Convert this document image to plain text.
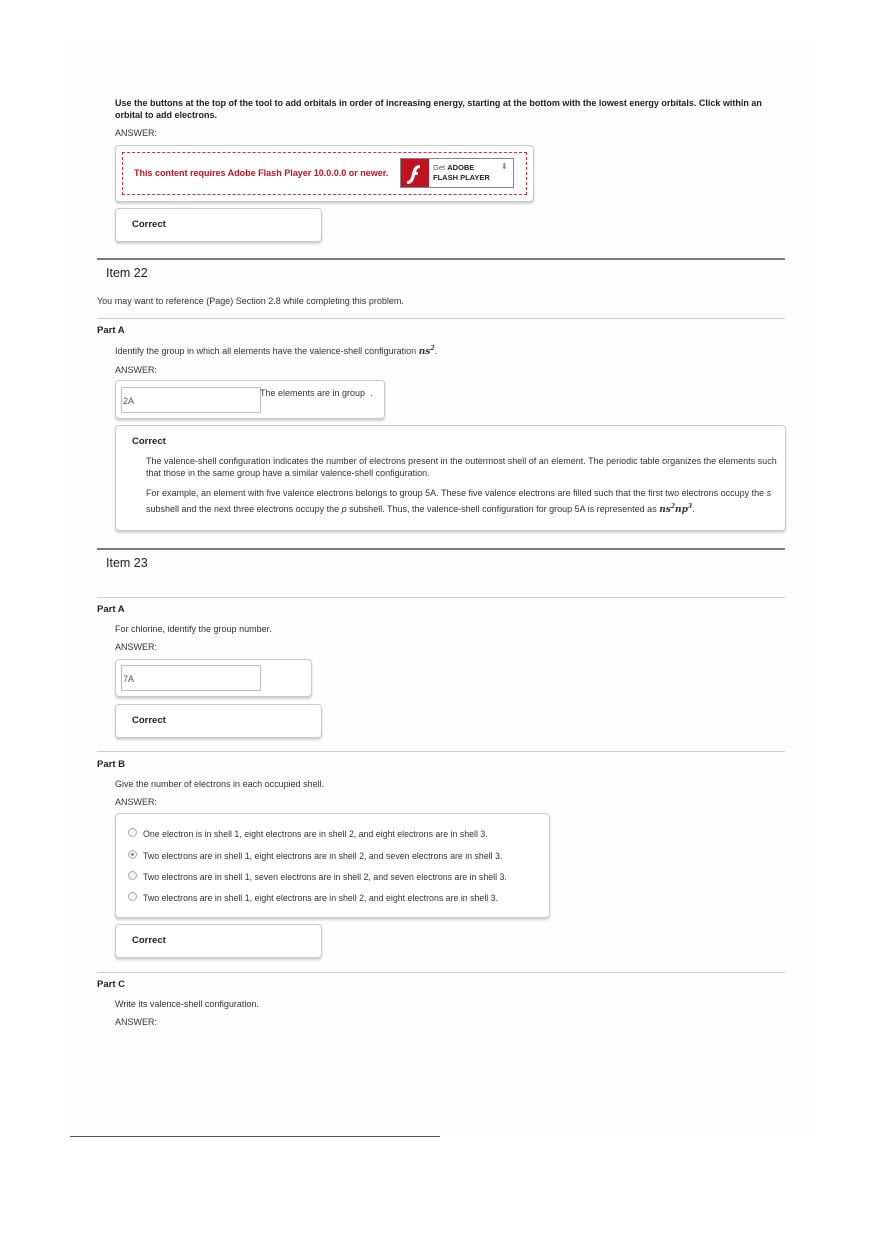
Use the buttons at the top of the tool to add orbitals in order of increasing energy, starting at the bottom with the lowest energy orbitals. Click within an orbital to add electrons.
ANSWER:
This content requires Adobe Flash Player 10.0.0.0 or newer.
Get ADOBE
FLASH PLAYER
⬇
Correct
Item 22
You may want to reference (Page) Section 2.8 while completing this problem.
Part A
Identify the group in which all elements have the valence-shell configuration $ns^2$.
ANSWER:
2A
The elements are in group .
Correct
The valence-shell configuration indicates the number of electrons present in the outermost shell of an element. The periodic table organizes the elements such that those in the same group have a similar valence-shell configuration.
For example, an element with five valence electrons belongs to group 5A. These five valence electrons are filled such that the first two electrons occupy the s subshell and the next three electrons occupy the p subshell. Thus, the valence-shell configuration for group 5A is represented as $ns^2np^3$.
Item 23
Part A
For chlorine, identify the group number.
ANSWER:
7A
Correct
Part B
Give the number of electrons in each occupied shell.
ANSWER:
One electron is in shell 1, eight electrons are in shell 2, and eight electrons are in shell 3.
Two electrons are in shell 1, eight electrons are in shell 2, and seven electrons are in shell 3.
Two electrons are in shell 1, seven electrons are in shell 2, and seven electrons are in shell 3.
Two electrons are in shell 1, eight electrons are in shell 2, and eight electrons are in shell 3.
Correct
Part C
Write its valence-shell configuration.
ANSWER:
